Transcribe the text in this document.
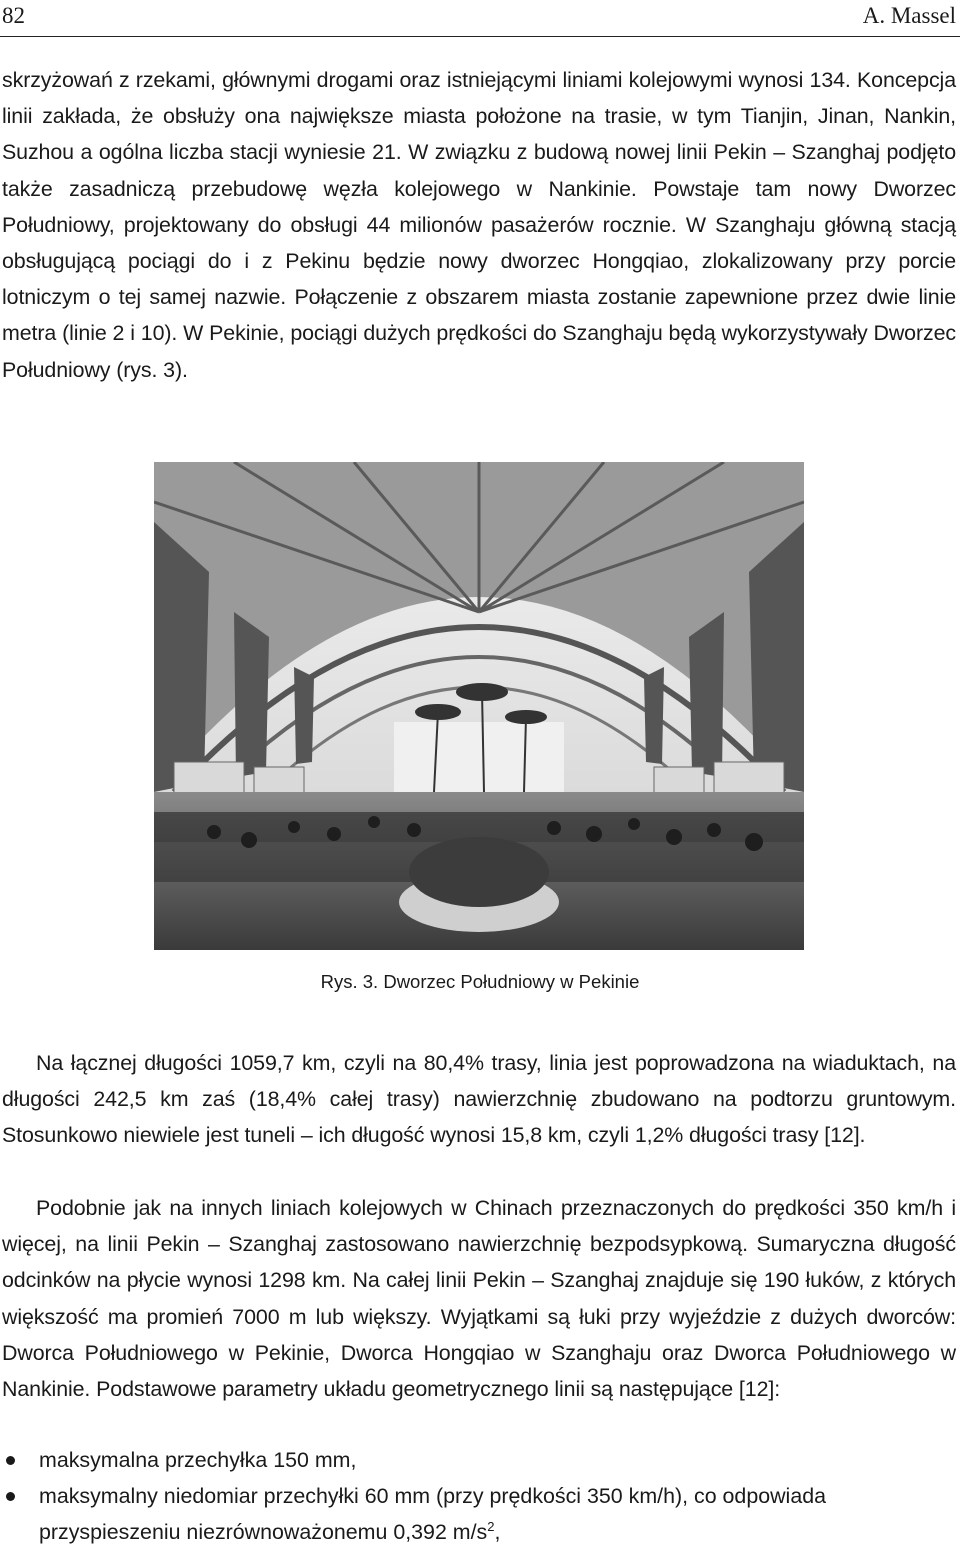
82	A. Massel

skrzyżowań z rzekami, głównymi drogami oraz istniejącymi liniami kolejowymi wynosi 134. Koncepcja linii zakłada, że obsłuży ona największe miasta położone na trasie, w tym Tianjin, Jinan, Nankin, Suzhou a ogólna liczba stacji wyniesie 21. W związku z budową nowej linii Pekin – Szanghaj podjęto także zasadniczą przebudowę węzła kolejowego w Nankinie. Powstaje tam nowy Dworzec Południowy, projektowany do obsługi 44 milionów pasażerów rocznie. W Szanghaju główną stacją obsługującą pociągi do i z Pekinu będzie nowy dworzec Hongqiao, zlokalizowany przy porcie lotniczym o tej samej nazwie. Połączenie z obszarem miasta zostanie zapewnione przez dwie linie metra (linie 2 i 10). W Pekinie, pociągi dużych prędkości do Szanghaju będą wykorzystywały Dworzec Południowy (rys. 3).

Rys. 3. Dworzec Południowy w Pekinie

Na łącznej długości 1059,7 km, czyli na 80,4% trasy, linia jest poprowadzona na wiaduktach, na długości 242,5 km zaś (18,4% całej trasy) nawierzchnię zbudowano na podtorzu gruntowym. Stosunkowo niewiele jest tuneli – ich długość wynosi 15,8 km, czyli 1,2% długości trasy [12].

Podobnie jak na innych liniach kolejowych w Chinach przeznaczonych do prędkości 350 km/h i więcej, na linii Pekin – Szanghaj zastosowano nawierzchnię bezpodsypkową. Sumaryczna długość odcinków na płycie wynosi 1298 km. Na całej linii Pekin – Szanghaj znajduje się 190 łuków, z których większość ma promień 7000 m lub większy. Wyjątkami są łuki przy wyjeździe z dużych dworców: Dworca Południowego w Pekinie, Dworca Hongqiao w Szanghaju oraz Dworca Południowego w Nankinie. Podstawowe parametry układu geometrycznego linii są następujące [12]:

maksymalna przechyłka 150 mm,
maksymalny niedomiar przechyłki 60 mm (przy prędkości 350 km/h), co odpowiada przyspieszeniu niezrównoważonemu 0,392 $m/s^2$,
